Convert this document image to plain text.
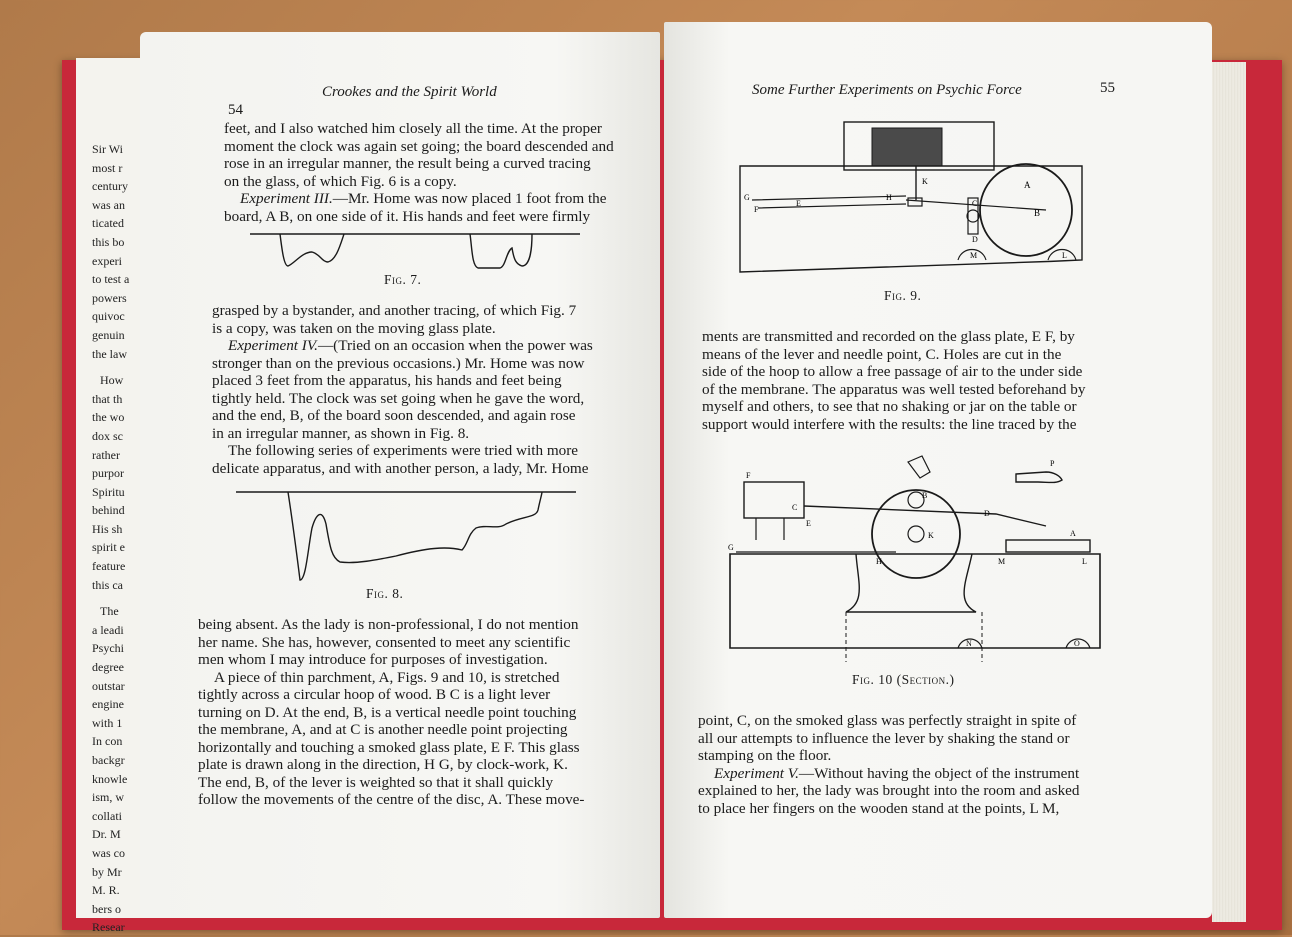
Sir Wi
most r
century
was an
ticated
this bo
experi
to test a
powers
quivoc
genuin
the law
How
that th
the wo
dox sc
rather
purpor
Spiritu
behind
His sh
spirit e
feature
this ca
The
a leadi
Psychi
degree
outstar
engine
with 1
In con
backgr
knowle
ism, w
collati
Dr. M
was co
by Mr
M. R.
bers o
Resear
54
Crookes and the Spirit World
feet, and I also watched him closely all the time. At the proper
moment the clock was again set going; the board descended and
rose in an irregular manner, the result being a curved tracing
on the glass, of which Fig. 6 is a copy.
Experiment III.—Mr. Home was now placed 1 foot from the
board, A B, on one side of it. His hands and feet were firmly
Fig. 7.
grasped by a bystander, and another tracing, of which Fig. 7
is a copy, was taken on the moving glass plate.
Experiment IV.—(Tried on an occasion when the power was
stronger than on the previous occasions.) Mr. Home was now
placed 3 feet from the apparatus, his hands and feet being
tightly held. The clock was set going when he gave the word,
and the end, B, of the board soon descended, and again rose
in an irregular manner, as shown in Fig. 8.
The following series of experiments were tried with more
delicate apparatus, and with another person, a lady, Mr. Home
Fig. 8.
being absent. As the lady is non-professional, I do not mention
her name. She has, however, consented to meet any scientific
men whom I may introduce for purposes of investigation.
A piece of thin parchment, A, Figs. 9 and 10, is stretched
tightly across a circular hoop of wood. B C is a light lever
turning on D. At the end, B, is a vertical needle point touching
the membrane, A, and at C is another needle point projecting
horizontally and touching a smoked glass plate, E F. This glass
plate is drawn along in the direction, H G, by clock-work, K.
The end, B, of the lever is weighted so that it shall quickly
follow the movements of the centre of the disc, A. These move-
Some Further Experiments on Psychic Force	55
A
B
C
D
E
F
G	H
K
L
M
Fig. 9.
ments are transmitted and recorded on the glass plate, E F, by
means of the lever and needle point, C. Holes are cut in the
side of the hoop to allow a free passage of air to the under side
of the membrane. The apparatus was well tested beforehand by
myself and others, to see that no shaking or jar on the table or
support would interfere with the results: the line traced by the
A
B
C
D
E
F
G
H
K
L
M
N	O
P
Fig. 10 (Section.)
point, C, on the smoked glass was perfectly straight in spite of
all our attempts to influence the lever by shaking the stand or
stamping on the floor.
Experiment V.—Without having the object of the instrument
explained to her, the lady was brought into the room and asked
to place her fingers on the wooden stand at the points, L M,
